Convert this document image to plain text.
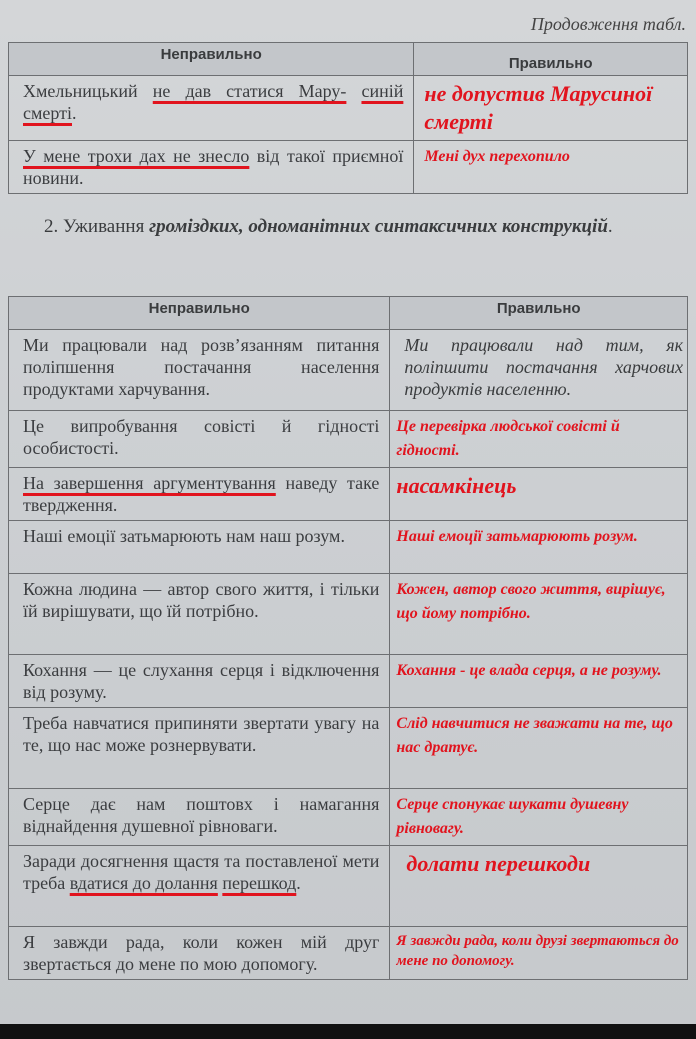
Продовження табл.
Неправильно	Правильно
Хмельницький не дав статися Мару- синій смерті.	не допустив Марусиної смерті

У мене трохи дах не знесло від такої приємної новини.	Мені дух перехопило
2. Уживання громіздких, одноманітних синтаксичних конструкцій.
Неправильно	Правильно
Ми працювали над розв’язанням питання поліпшення постачання населення продуктами харчування.	Ми працювали над тим, як поліпшити постачання харчових продуктів населенню.
Це випробування совісті й гідності особистості.	Це перевірка людської совісті й гідності.

На завершення аргументування наведу таке твердження.	насамкінець

Наші емоції затьмарюють нам наш розум.	Наші емоції затьмарюють розум.

Кожна людина — автор свого життя, і тільки їй вирішувати, що їй потрібно.	Кожен, автор свого життя, вирішує, що йому потрібно.

Кохання — це слухання серця і відключення від розуму.	Кохання - це влада серця, а не розуму.

Треба навчатися припиняти звертати увагу на те, що нас може рознервувати.	Слід навчитися не зважати на те, що нас дратує.

Серце дає нам поштовх і намагання віднайдення душевної рівноваги.	Серце спонукає шукати душевну рівновагу.

Заради досягнення щастя та поставленої мети треба вдатися до долання перешкод.	долати перешкоди

Я завжди рада, коли кожен мій друг звертається до мене по мою допомогу.	Я завжди рада, коли друзі звертаються до мене по допомогу.
